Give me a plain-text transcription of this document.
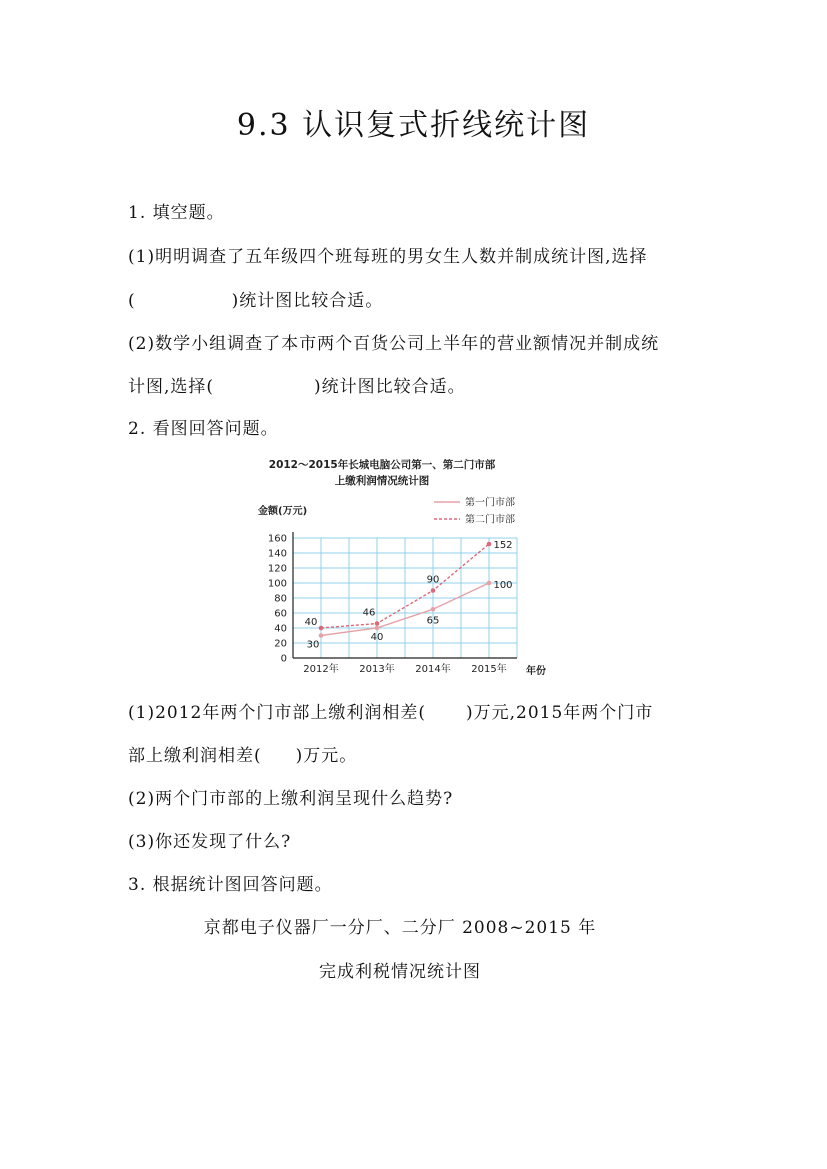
9.3 认识复式折线统计图
1. 填空题。
(1)明明调查了五年级四个班每班的男女生人数并制成统计图,选择
(	)统计图比较合适。
(2)数学小组调查了本市两个百货公司上半年的营业额情况并制成统
计图,选择(	)统计图比较合适。
2. 看图回答问题。
2012～2015年长城电脑公司第一、第二门市部
上缴利润情况统计图
金额(万元)
第一门市部
第二门市部
0
20
40
60
80
100
120
140
160
2012年 2013年 2014年 2015年
30
40
65
100
40
46
90
152
年份
(1)2012年两个门市部上缴利润相差( )万元,2015年两个门市
部上缴利润相差( )万元。
(2)两个门市部的上缴利润呈现什么趋势?
(3)你还发现了什么?
3. 根据统计图回答问题。
京都电子仪器厂一分厂、二分厂 2008~2015 年
完成利税情况统计图
